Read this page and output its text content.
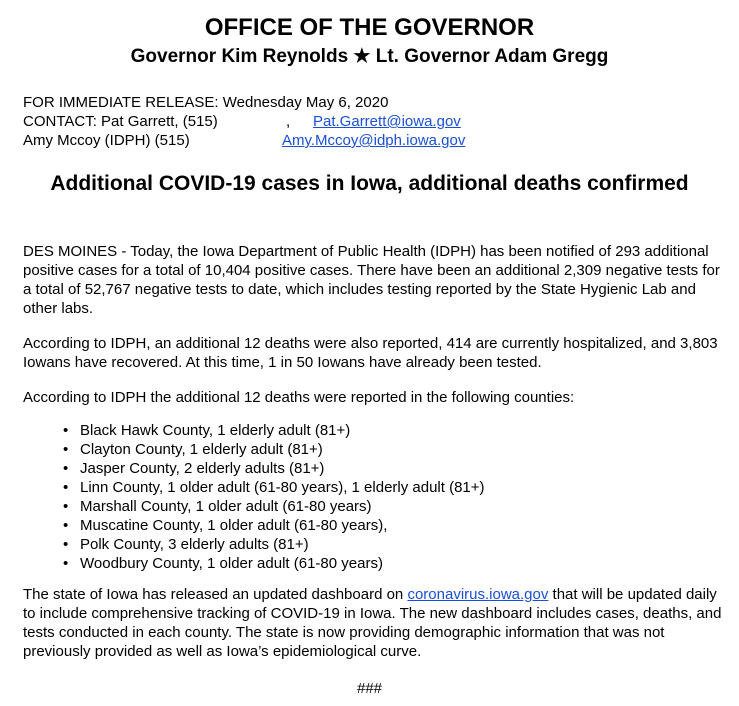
OFFICE OF THE GOVERNOR
Governor Kim Reynolds ★ Lt. Governor Adam Gregg
FOR IMMEDIATE RELEASE: Wednesday May 6, 2020
CONTACT: Pat Garrett, (515)	, Pat.Garrett@iowa.gov
Amy Mccoy (IDPH) (515)	Amy.Mccoy@idph.iowa.gov
Additional COVID-19 cases in Iowa, additional deaths confirmed

DES MOINES - Today, the Iowa Department of Public Health (IDPH) has been notified of 293 additional positive cases for a total of 10,404 positive cases. There have been an additional 2,309 negative tests for a total of 52,767 negative tests to date, which includes testing reported by the State Hygienic Lab and other labs.

According to IDPH, an additional 12 deaths were also reported, 414 are currently hospitalized, and 3,803 Iowans have recovered. At this time, 1 in 50 Iowans have already been tested.

According to IDPH the additional 12 deaths were reported in the following counties:

• Black Hawk County, 1 elderly adult (81+)
• Clayton County, 1 elderly adult (81+)
• Jasper County, 2 elderly adults (81+)
• Linn County, 1 older adult (61-80 years), 1 elderly adult (81+)
• Marshall County, 1 older adult (61-80 years)
• Muscatine County, 1 older adult (61-80 years),
• Polk County, 3 elderly adults (81+)
• Woodbury County, 1 older adult (61-80 years)

The state of Iowa has released an updated dashboard on coronavirus.iowa.gov that will be updated daily to include comprehensive tracking of COVID-19 in Iowa. The new dashboard includes cases, deaths, and tests conducted in each county. The state is now providing demographic information that was not previously provided as well as Iowa’s epidemiological curve.

###
